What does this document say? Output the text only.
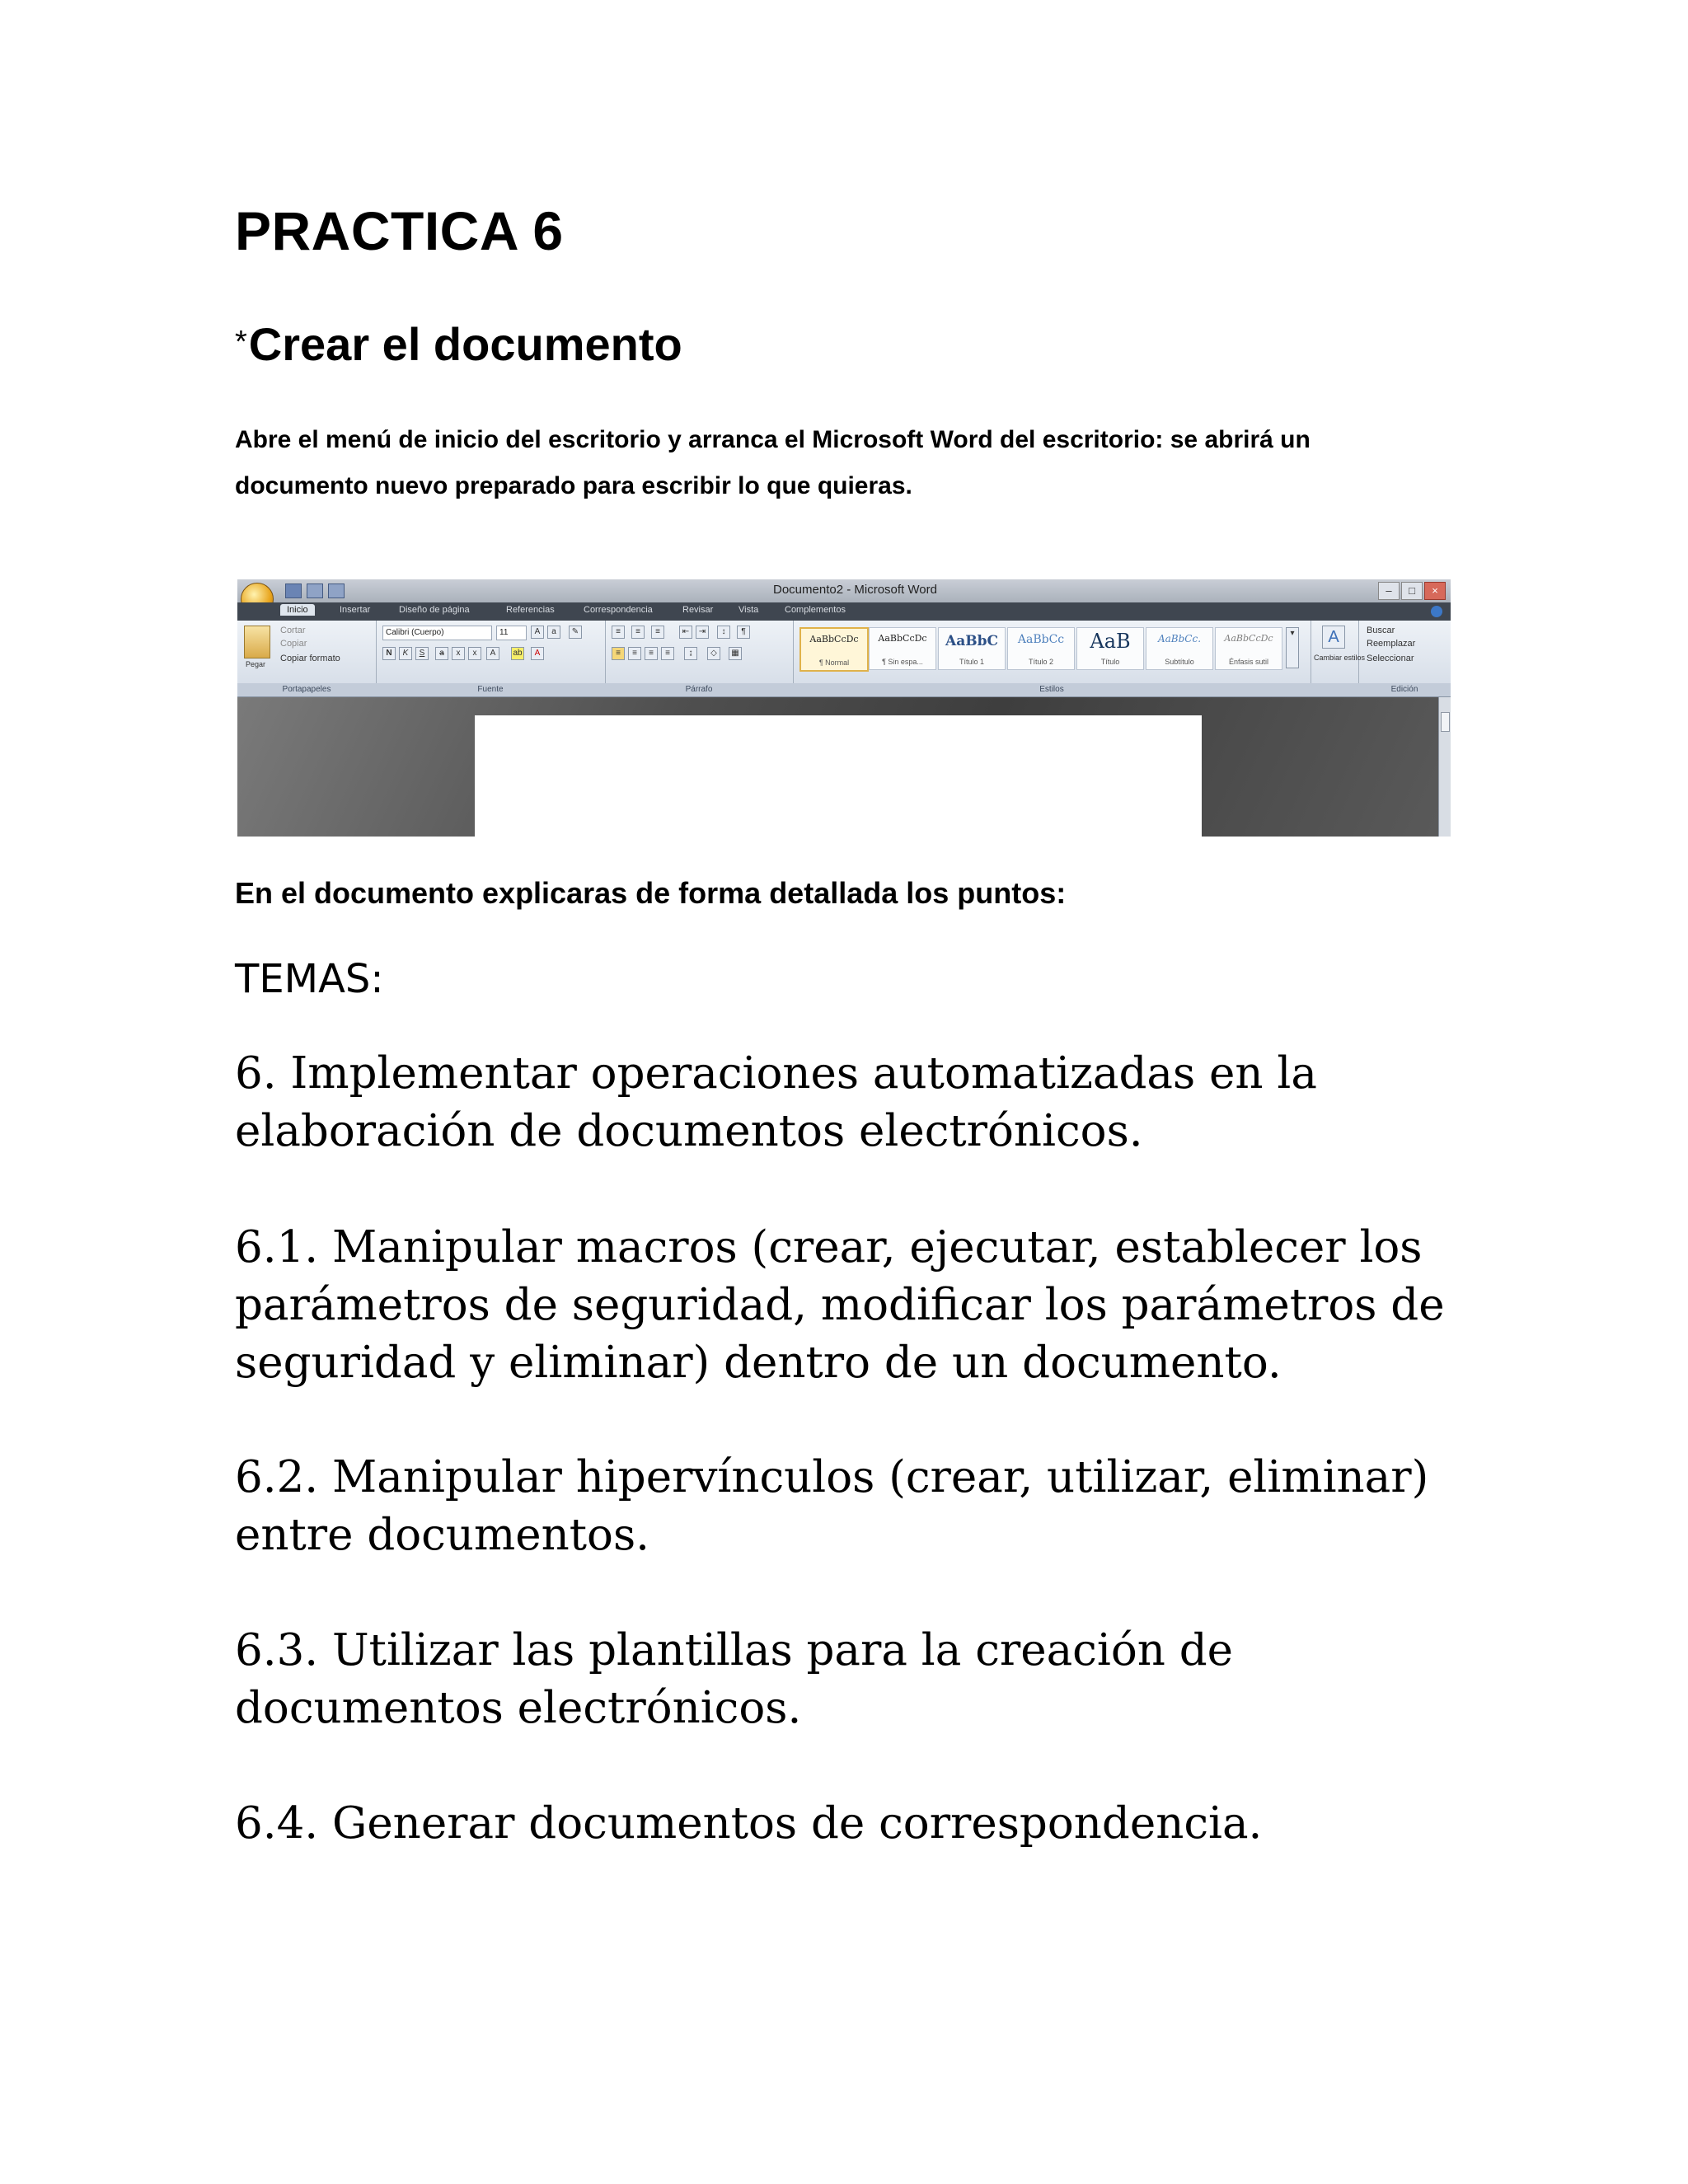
PRACTICA 6
*Crear el documento

Abre el menú de inicio del escritorio y arranca el Microsoft Word del escritorio: se abrirá un documento nuevo preparado para escribir lo que quieras.

Documento2 - Microsoft Word	–	□	×
Inicio	Insertar	Diseño de página	Referencias	Correspondencia	Revisar	Vista	Complementos
Pegar
Cortar
Copiar
Copiar formato
Portapapeles
Calibri (Cuerpo)	11	A	a	✎
N	K	S	a	x	x	A	ab	A
Fuente
≡	≡	≡	⇤	⇥	↕	¶
≡	≡	≡	≡	↨	◇	▦
Párrafo
AaBbCcDc
¶ Normal
AaBbCcDc
¶ Sin espa...
AaBbC
Título 1
AaBbCc
Título 2
AaB
Título
AaBbCc.
Subtítulo
AaBbCcDc
Énfasis sutil
▾
Estilos
A
Cambiar estilos
Buscar
Reemplazar
Seleccionar
Edición

En el documento explicaras de forma detallada los puntos:

TEMAS:

6. Implementar operaciones automatizadas en la elaboración de documentos electrónicos.

6.1. Manipular macros (crear, ejecutar, establecer los parámetros de seguridad, modificar los parámetros de seguridad y eliminar) dentro de un documento.

6.2. Manipular hipervínculos (crear, utilizar, eliminar) entre documentos.

6.3. Utilizar las plantillas para la creación de documentos electrónicos.

6.4. Generar documentos de correspondencia.
